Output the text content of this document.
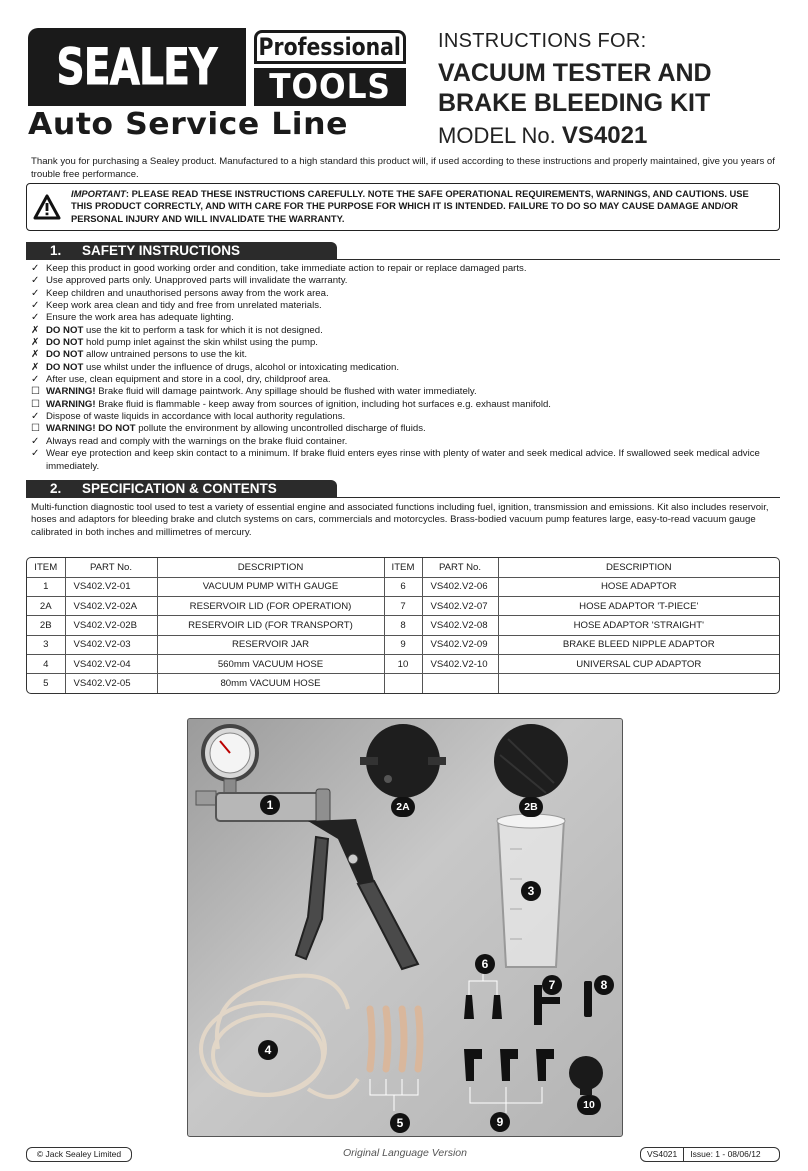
SEALEY Professional
TOOLS
Auto Service Line
INSTRUCTIONS FOR:
VACUUM TESTER AND
BRAKE BLEEDING KIT
MODEL No. VS4021
Thank you for purchasing a Sealey product. Manufactured to a high standard this product will, if used according to these instructions and properly maintained, give you years of trouble free performance.
IMPORTANT: PLEASE READ THESE INSTRUCTIONS CAREFULLY. NOTE THE SAFE OPERATIONAL REQUIREMENTS, WARNINGS, AND CAUTIONS. USE THIS PRODUCT CORRECTLY, AND WITH CARE FOR THE PURPOSE FOR WHICH IT IS INTENDED. FAILURE TO DO SO MAY CAUSE DAMAGE AND/OR PERSONAL INJURY AND WILL INVALIDATE THE WARRANTY.
1. SAFETY INSTRUCTIONS
✓ Keep this product in good working order and condition, take immediate action to repair or replace damaged parts.
✓ Use approved parts only. Unapproved parts will invalidate the warranty.
✓ Keep children and unauthorised persons away from the work area.
✓ Keep work area clean and tidy and free from unrelated materials.
✓ Ensure the work area has adequate lighting.
✗ DO NOT use the kit to perform a task for which it is not designed.
✗ DO NOT hold pump inlet against the skin whilst using the pump.
✗ DO NOT allow untrained persons to use the kit.
✗ DO NOT use whilst under the influence of drugs, alcohol or intoxicating medication.
✓ After use, clean equipment and store in a cool, dry, childproof area.
☐ WARNING! Brake fluid will damage paintwork. Any spillage should be flushed with water immediately.
☐ WARNING! Brake fluid is flammable - keep away from sources of ignition, including hot surfaces e.g. exhaust manifold.
✓ Dispose of waste liquids in accordance with local authority regulations.
☐ WARNING! DO NOT pollute the environment by allowing uncontrolled discharge of fluids.
✓ Always read and comply with the warnings on the brake fluid container.
✓ Wear eye protection and keep skin contact to a minimum. If brake fluid enters eyes rinse with plenty of water and seek medical advice. If swallowed seek medical advice immediately.
2. SPECIFICATION & CONTENTS
Multi-function diagnostic tool used to test a variety of essential engine and associated functions including fuel, ignition, transmission and emissions. Kit also includes reservoir, hoses and adaptors for bleeding brake and clutch systems on cars, commercials and motorcycles. Brass-bodied vacuum pump features large, easy-to-read vacuum gauge calibrated in both inches and millimetres of mercury.
ITEM	PART No.	DESCRIPTION	ITEM	PART No.	DESCRIPTION
1	VS402.V2-01	VACUUM PUMP WITH GAUGE	6	VS402.V2-06	HOSE ADAPTOR
2A	VS402.V2-02A	RESERVOIR LID (FOR OPERATION)	7	VS402.V2-07	HOSE ADAPTOR 'T-PIECE'
2B	VS402.V2-02B	RESERVOIR LID (FOR TRANSPORT)	8	VS402.V2-08	HOSE ADAPTOR 'STRAIGHT'
3	VS402.V2-03	RESERVOIR JAR	9	VS402.V2-09	BRAKE BLEED NIPPLE ADAPTOR
4	VS402.V2-04	560mm VACUUM HOSE	10	VS402.V2-10	UNIVERSAL CUP ADAPTOR
5	VS402.V2-05	80mm VACUUM HOSE			
1	2A	2B
3
4
5
6
7	8
9
10
© Jack Sealey Limited	Original Language Version	VS4021	Issue: 1 - 08/06/12
